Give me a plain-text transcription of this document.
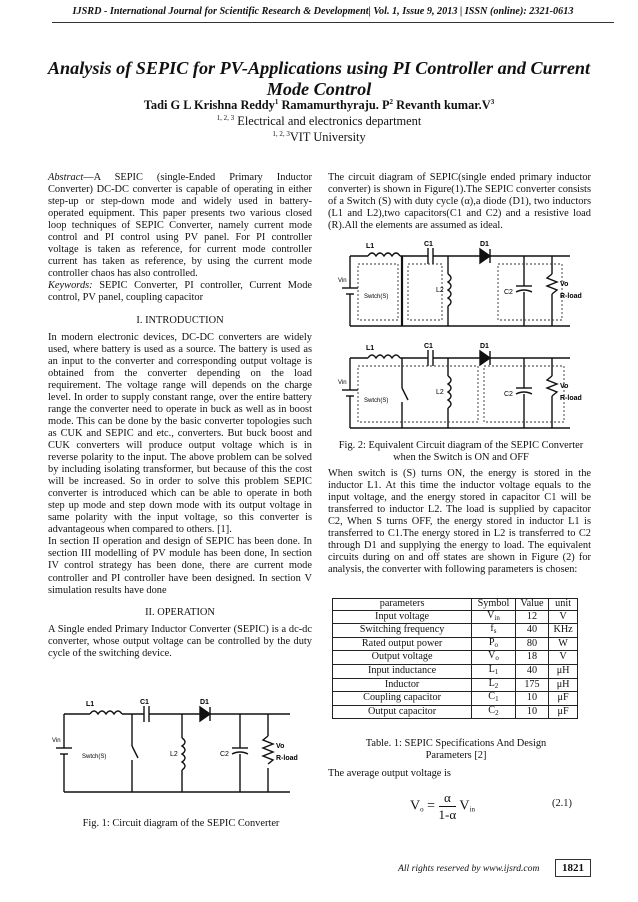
IJSRD - International Journal for Scientific Research & Development| Vol. 1, Issue 9, 2013 | ISSN (online): 2321-0613
Analysis of SEPIC for PV-Applications using PI Controller and Current Mode Control
Tadi G L Krishna Reddy$^1$ Ramamurthyraju. $P^2$ Revanth $kumar.V^3$
$^{1, 2, 3}$ Electrical and electronics department
$^{1, 2, 3}$VIT University

Abstract—A SEPIC (single-Ended Primary Inductor Converter) DC-DC converter is capable of operating in either step-up or step-down mode and widely used in battery-operated equipment. This paper presents two various closed loop techniques of SEPIC Converter, namely current mode control and PI control using PV panel. For PI controller voltage is taken as reference, for current mode controller current has taken as reference, by using the current mode controller chaos has also controlled.

Keywords: SEPIC Converter, PI controller, Current Mode control, PV panel, coupling capacitor

I. INTRODUCTION

In modern electronic devices, DC-DC converters are widely used, where battery is used as a source. The battery is used as an input to the converter and corresponding output voltage is obtained from the converter depending on the load requirement. The voltage range will depends on the charge level. In order to supply constant range, over the entire battery range the converter need to operate in buck as well as in boost mode. This can be done by the basic converter topologies such as CUK and SEPIC and etc., converters. But buck boost and CUK converters will produce output voltage which is in reverse polarity to the input. The above problem can be solved by including isolating transformer, but because of this the cost will be increased. So in order to solve this problem SEPIC converter is introduced which can be able to operate in both step up mode and step down mode with its output voltage in same polarity with the input voltage, so this converter is advantageous when compared to others. [1].

In section II operation and design of SEPIC has been done. In section III modelling of PV module has been done, In section IV control strategy has been done, there are current mode controller and PI controller have been designed. In section V simulation results have done

II. OPERATION

A Single ended Primary Inductor Converter (SEPIC) is a dc-dc converter, whose output voltage can be controlled by the duty cycle of the switching device.

L1	C1	D1
L2	C2
Vin
Swtch(S)
Vo
R-load
Fig. 1: Circuit diagram of the SEPIC Converter

The circuit diagram of SEPIC(single ended primary inductor converter) is shown in Figure(1).The SEPIC converter consists of a Switch (S) with duty cycle (α),a diode (D1), two inductors (L1 and L2),two capacitors(C1 and C2) and a resistive load (R).All the elements are assumed as ideal.

L1	C1	D1
L2	C2
Vin
Swtch(S)
Vo
R-load
L1	C1	D1
L2	C2
Vin
Swtch(S)
Vo
R-load
Fig. 2: Equivalent Circuit diagram of the SEPIC Converter when the Switch is ON and OFF

When switch is (S) turns ON, the energy is stored in the inductor L1. At this time the inductor voltage equals to the input voltage, and the energy stored in capacitor C1 will be transferred to inductor L2. The load is supplied by capacitor C2, When S turns OFF, the energy stored in inductor L1 is transferred to C1.The energy stored in L2 is transferred to C2 through D1 and supplying the energy to load. The equivalent circuits during on and off states are shown in Figure (2) for analysis, the converter with following parameters is chosen:

parameters	Symbol	Value	unit
Input voltage	$V_{in}$	12	V
Switching frequency	$f_s$	40	KHz
Rated output power	$P_o$	80	W
Output voltage	$V_o$	18	V
Input inductance	$L_1$	40	μH
Inductor	$L_2$	175	μH
Coupling capacitor	$C_1$	10	μF
Output capacitor	$C_2$	10	μF
Table. 1: SEPIC Specifications And Design Parameters [2]
The average output voltage is
$V_o = \frac{\alpha}{1-\alpha} V_{in}$
(2.1)
All rights reserved by www.ijsrd.com	1821
